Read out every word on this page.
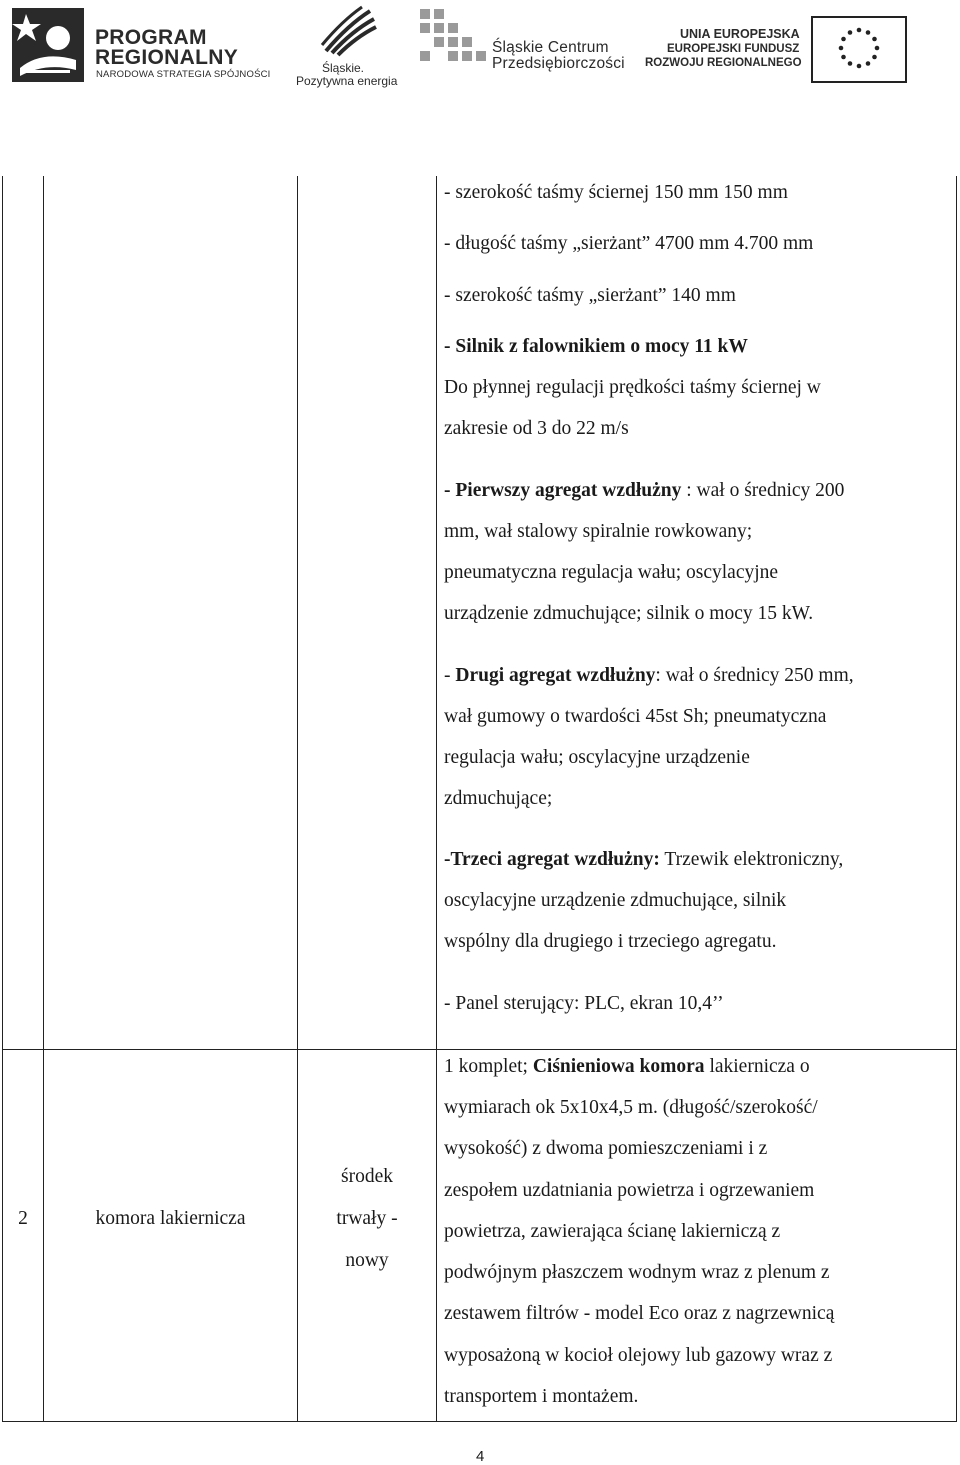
PROGRAM
REGIONALNY
NARODOWA STRATEGIA SPÓJNOŚCI	Śląskie.
Pozytywna energia
Śląskie Centrum
Przedsiębiorczości
UNIA EUROPEJSKA
EUROPEJSKI FUNDUSZ
ROZWOJU REGIONALNEGO

- szerokość taśmy ściernej 150 mm 150 mm

- długość taśmy „sierżant” 4700 mm 4.700 mm

- szerokość taśmy „sierżant” 140 mm

- Silnik z falownikiem o mocy 11 kW

Do płynnej regulacji prędkości taśmy ściernej w

zakresie od 3 do 22 m/s

- Pierwszy agregat wzdłużny : wał o średnicy 200

mm, wał stalowy spiralnie rowkowany;

pneumatyczna regulacja wału; oscylacyjne

urządzenie zdmuchujące; silnik o mocy 15 kW.

- Drugi agregat wzdłużny: wał o średnicy 250 mm,

wał gumowy o twardości 45st Sh; pneumatyczna

regulacja wału; oscylacyjne urządzenie

zdmuchujące;

-Trzeci agregat wzdłużny: Trzewik elektroniczny,

oscylacyjne urządzenie zdmuchujące, silnik

wspólny dla drugiego i trzeciego agregatu.

- Panel sterujący: PLC, ekran 10,4’’

2	komora lakiernicza
środek
trwały -
nowy

1 komplet; Ciśnieniowa komora lakiernicza o

wymiarach ok 5x10x4,5 m. (długość/szerokość/

wysokość) z dwoma pomieszczeniami i z

zespołem uzdatniania powietrza i ogrzewaniem

powietrza, zawierająca ścianę lakierniczą z

podwójnym płaszczem wodnym wraz z plenum z

zestawem filtrów - model Eco oraz z nagrzewnicą

wyposażoną w kocioł olejowy lub gazowy wraz z

transportem i montażem.

4
